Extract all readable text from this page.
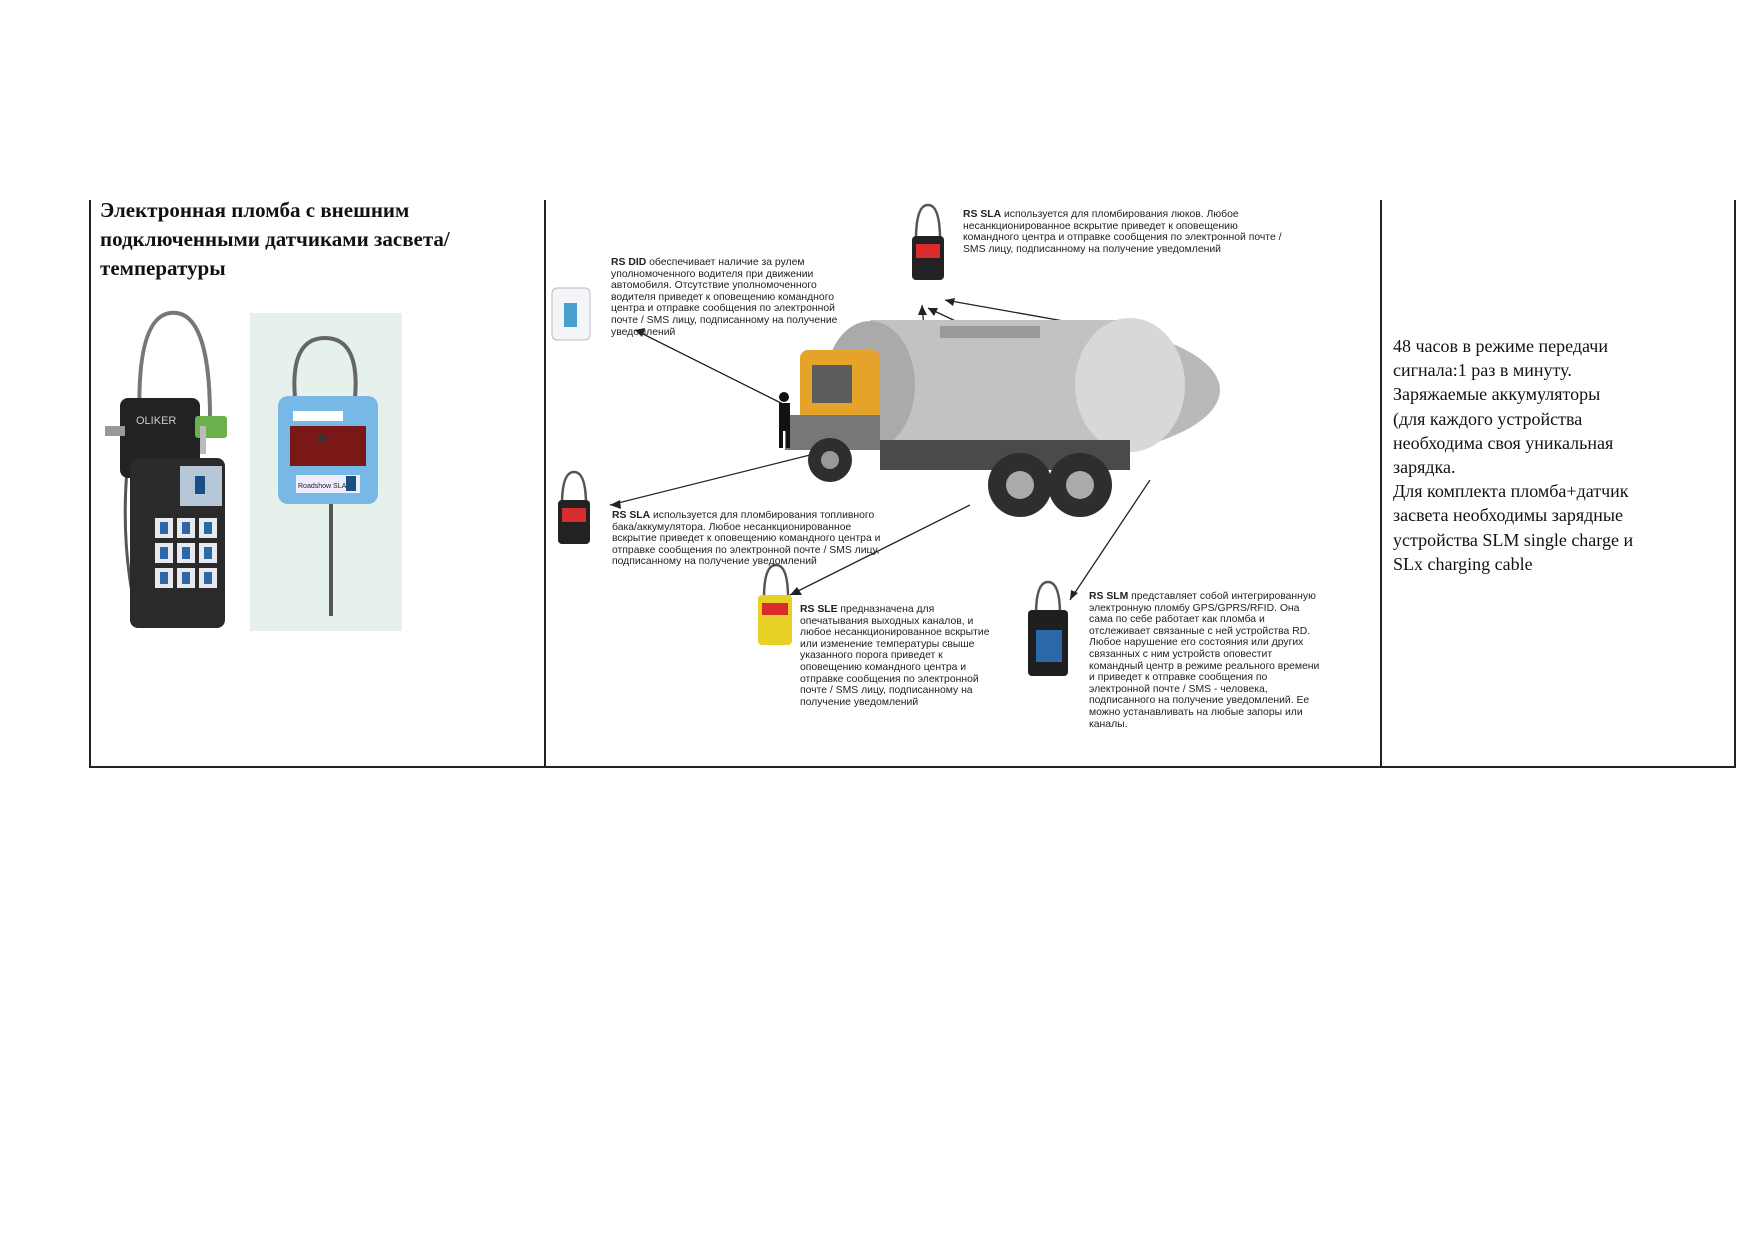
Электронная пломба с внешним подключенными датчиками засвета/температуры
OLIKER
Roadshow SLA
RS DID обеспечивает наличие за рулем уполномоченного водителя при движении автомобиля. Отсутствие уполномоченного водителя приведет к оповещению командного центра и отправке сообщения по электронной почте / SMS лицу, подписанному на получение уведомлений
RS SLA используется для пломбирования люков. Любое несанкционированное вскрытие приведет к оповещению командного центра и отправке сообщения по электронной почте / SMS лицу, подписанному на получение уведомлений
RS SLA используется для пломбирования топливного бака/аккумулятора. Любое несанкционированное вскрытие приведет к оповещению командного центра и отправке сообщения по электронной почте / SMS лицу, подписанному на получение уведомлений
RS SLE предназначена для опечатывания выходных каналов, и любое несанкционированное вскрытие или изменение температуры свыше указанного порога приведет к оповещению командного центра и отправке сообщения по электронной почте / SMS лицу, подписанному на получение уведомлений
RS SLM представляет собой интегрированную электронную пломбу GPS/GPRS/RFID. Она сама по себе работает как пломба и отслеживает связанные с ней устройства RD. Любое нарушение его состояния или других связанных с ним устройств оповестит командный центр в режиме реального времени и приведет к отправке сообщения по электронной почте / SMS - человека, подписанного на получение уведомлений. Ее можно устанавливать на любые запоры или каналы.
48 часов в режиме передачи
сигнала:1 раз в минуту.
Заряжаемые аккумуляторы
(для каждого устройства
необходима своя уникальная
зарядка.
Для комплекта пломба+датчик
засвета необходимы зарядные
устройства SLM single charge и
SLx charging cable
